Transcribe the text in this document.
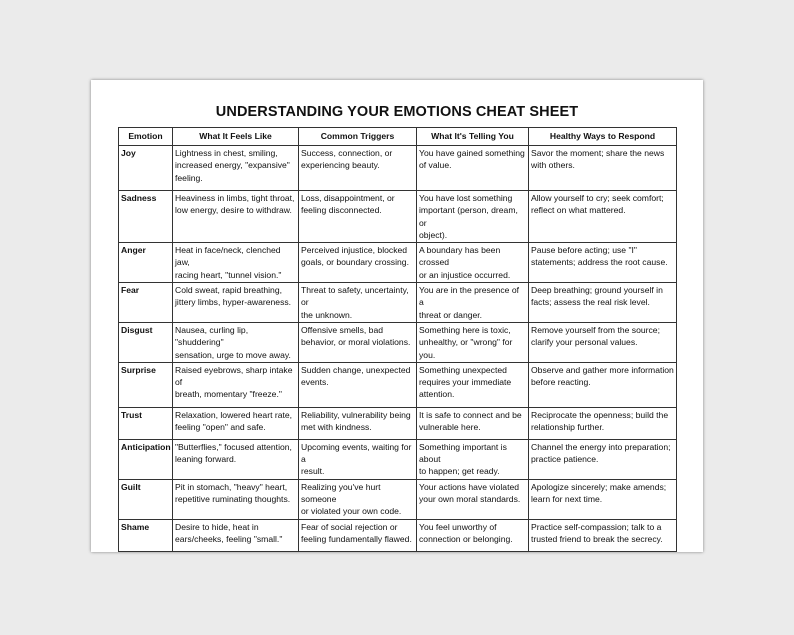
UNDERSTANDING YOUR EMOTIONS CHEAT SHEET
Emotion	What It Feels Like	Common Triggers	What It's Telling You	Healthy Ways to Respond
Joy	Lightness in chest, smiling,
increased energy, "expansive"
feeling.	Success, connection, or
experiencing beauty.	You have gained something
of value.	Savor the moment; share the news
with others.
Sadness	Heaviness in limbs, tight throat,
low energy, desire to withdraw.	Loss, disappointment, or
feeling disconnected.	You have lost something
important (person, dream, or
object).	Allow yourself to cry; seek comfort;
reflect on what mattered.
Anger	Heat in face/neck, clenched jaw,
racing heart, "tunnel vision."	Perceived injustice, blocked
goals, or boundary crossing.	A boundary has been crossed
or an injustice occurred.	Pause before acting; use "I"
statements; address the root cause.
Fear	Cold sweat, rapid breathing,
jittery limbs, hyper-awareness.	Threat to safety, uncertainty, or
the unknown.	You are in the presence of a
threat or danger.	Deep breathing; ground yourself in
facts; assess the real risk level.
Disgust	Nausea, curling lip, "shuddering"
sensation, urge to move away.	Offensive smells, bad
behavior, or moral violations.	Something here is toxic,
unhealthy, or "wrong" for you.	Remove yourself from the source;
clarify your personal values.
Surprise	Raised eyebrows, sharp intake of
breath, momentary "freeze."	Sudden change, unexpected
events.	Something unexpected
requires your immediate
attention.	Observe and gather more information
before reacting.
Trust	Relaxation, lowered heart rate,
feeling "open" and safe.	Reliability, vulnerability being
met with kindness.	It is safe to connect and be
vulnerable here.	Reciprocate the openness; build the
relationship further.
Anticipation	"Butterflies," focused attention,
leaning forward.	Upcoming events, waiting for a
result.	Something important is about
to happen; get ready.	Channel the energy into preparation;
practice patience.
Guilt	Pit in stomach, "heavy" heart,
repetitive ruminating thoughts.	Realizing you've hurt someone
or violated your own code.	Your actions have violated
your own moral standards.	Apologize sincerely; make amends;
learn for next time.
Shame	Desire to hide, heat in
ears/cheeks, feeling "small."	Fear of social rejection or
feeling fundamentally flawed.	You feel unworthy of
connection or belonging.	Practice self-compassion; talk to a
trusted friend to break the secrecy.
